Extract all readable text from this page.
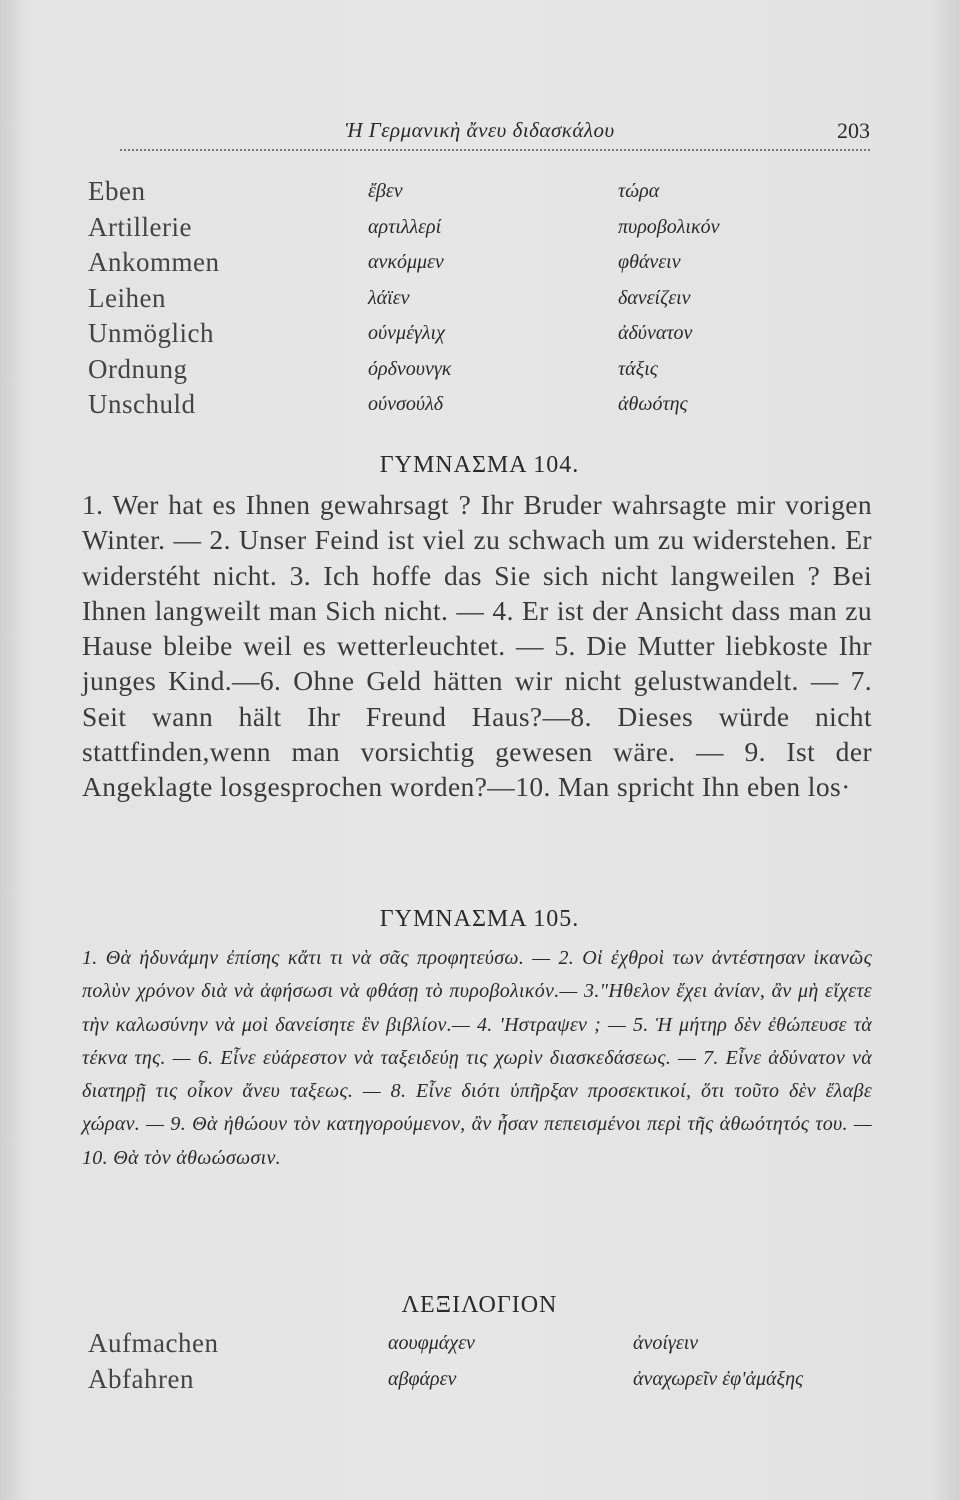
Ἡ Γερμανικὴ ἄνευ διδασκάλου	203
Eben	ἔβεν	τώρα
Artillerie	αρτιλλερί	πυροβολικόν
Ankommen	ανκόμμεν	φθάνειν
Leihen	λάϊεν	δανείζειν
Unmöglich	ούνμέγλιχ	ἀδύνατον
Ordnung	όρδνουνγκ	τάξις
Unschuld	ούνσούλδ	ἀθωότης
ΓΥΜΝΑΣΜΑ 104.

1. Wer hat es Ihnen gewahrsagt ? Ihr Bruder wahrsagte mir vorigen Winter. — 2. Unser Feind ist viel zu schwach um zu widerstehen. Er widerstéht nicht. 3. Ich hoffe das Sie sich nicht langweilen ? Bei Ihnen langweilt man Sich nicht. — 4. Er ist der Ansicht dass man zu Hause bleibe weil es wetterleuchtet. — 5. Die Mutter liebkoste Ihr junges Kind.—6. Ohne Geld hätten wir nicht gelustwandelt. — 7. Seit wann hält Ihr Freund Haus?—8. Dieses würde nicht stattfinden,wenn man vorsichtig gewesen wäre. — 9. Ist der Angeklagte losgesprochen worden?—10. Man spricht Ihn eben los·

ΓΥΜΝΑΣΜΑ 105.

1. Θὰ ἠδυνάμην ἐπίσης κἄτι τι νὰ σᾶς προφητεύσω. — 2. Οἱ ἐχθροὶ των ἀντέστησαν ἱκανῶς πολὺν χρόνον διὰ νὰ ἀφήσωσι νὰ φθάσῃ τὸ πυροβολικόν.— 3."Ηθελον ἔχει ἀνίαν, ἂν μὴ εἴχετε τὴν καλωσύνην νὰ μοὶ δανείσητε ἓν βιβλίον.— 4. 'Ηστραψεν ; — 5. Ἡ μήτηρ δὲν ἐθώπευσε τὰ τέκνα της. — 6. Εἶνε εὐάρεστον νὰ ταξειδεύῃ τις χωρὶν διασκεδάσεως. — 7. Εἶνε ἀδύνατον νὰ διατηρῇ τις οἶκον ἄνευ ταξεως. — 8. Εἶνε διότι ὑπῆρξαν προσεκτικοί, ὅτι τοῦτο δὲν ἔλαβε χώραν. — 9. Θὰ ἠθώουν τὸν κατηγορούμενον, ἂν ἦσαν πεπεισμένοι περὶ τῆς ἀθωότητός του. — 10. Θὰ τὸν ἀθωώσωσιν.

ΛΕΞΙΛΟΓΙΟΝ
Aufmachen	αουφμάχεν	ἀνοίγειν
Abfahren	αβφάρεν	ἀναχωρεῖν ἐφ'ἀμάξης
